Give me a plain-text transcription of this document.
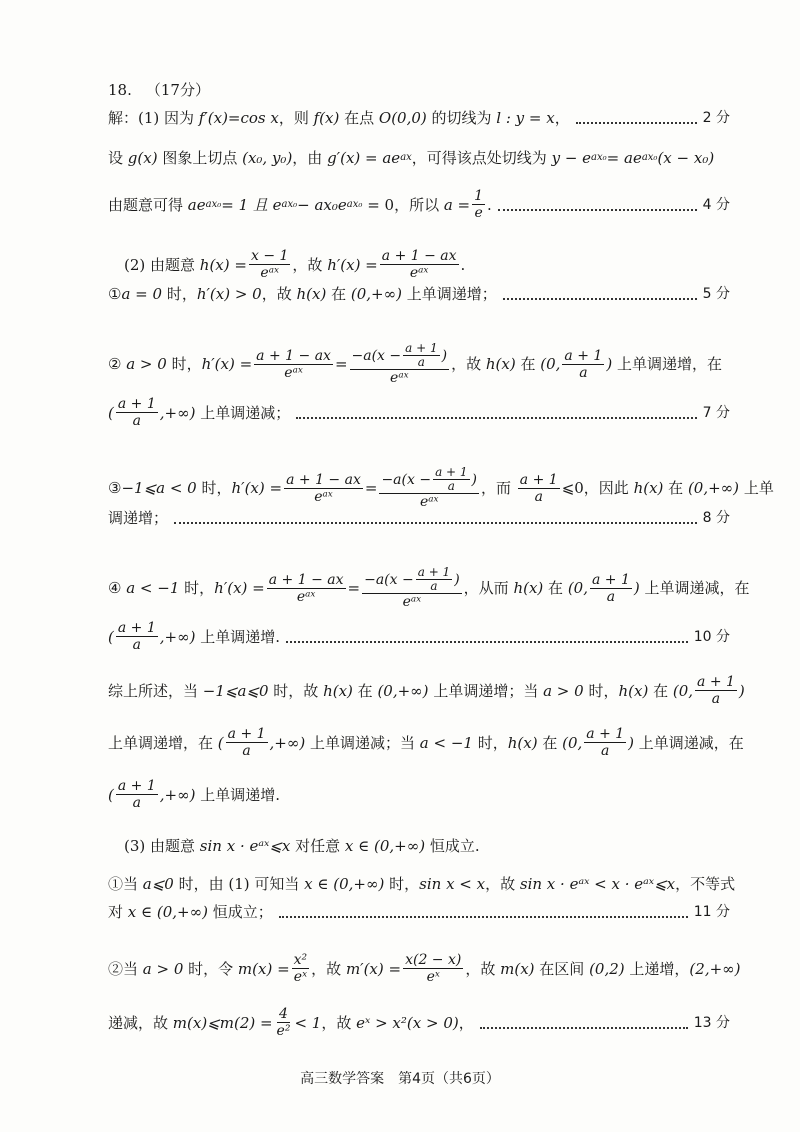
18. （17分）
解：(1) 因为 f′(x)=cos x ，则 f(x) 在点 O(0,0) 的切线为 l : y = x ，	2 分
设 g(x) 图象上切点 (x₀, y₀) ，由 g′(x) = ae ax ，可得该点处切线为 y − e ax₀ = ae ax₀ (x − x₀)
由题意可得 ae ax₀ = 1 且 e ax₀ − ax₀e ax₀ = 0，所以 $a = \frac{1}{e}$ .	4 分
(2) 由题意 $h(x) = \frac{x - 1}{\text{eᵃˣ}}$ ，故 $h'(x) = \frac{a + 1 - ax}{\text{eᵃˣ}}$ .
① a = 0 时， h′(x) > 0 ，故 h(x) 在 (0,+∞) 上单调递增；	5 分
② a > 0 时， $h'(x) = \frac{a + 1 - ax}{\text{eᵃˣ}} = \frac{-a(x - \frac{a + 1}{a} )}{\text{eᵃˣ}}$ ，故 h(x) 在 (0, $\frac{a + 1}{a}$ ) 上单调递增，在
( $\frac{a + 1}{a}$ ,+∞) 上单调递减；	7 分
③ −1⩽a < 0 时， $h'(x) = \frac{a + 1 - ax}{\text{eᵃˣ}} = \frac{-a(x - \frac{a + 1}{a} )}{\text{eᵃˣ}}$ ，而 $\frac{a + 1}{a}$ ⩽0，因此 h(x) 在 (0,+∞) 上单
调递增；	8 分
④ a < −1 时， $h'(x) = \frac{a + 1 - ax}{\text{eᵃˣ}} = \frac{-a(x - \frac{a + 1}{a} )}{\text{eᵃˣ}}$ ，从而 h(x) 在 (0, $\frac{a + 1}{a}$ ) 上单调递减，在
( $\frac{a + 1}{a}$ ,+∞) 上单调递增.	10 分
综上所述，当 −1⩽a⩽0 时，故 h(x) 在 (0,+∞) 上单调递增；当 a > 0 时， h(x) 在 (0, $\frac{a + 1}{a}$ )
上单调递增，在 ( $\frac{a + 1}{a}$ ,+∞) 上单调递减；当 a < −1 时， h(x) 在 (0, $\frac{a + 1}{a}$ ) 上单调递减，在
( $\frac{a + 1}{a}$ ,+∞) 上单调递增.
(3) 由题意 sin x · eᵃˣ⩽x 对任意 x ∈ (0,+∞) 恒成立.
①当 a⩽0 时，由 (1) 可知当 x ∈ (0,+∞) 时， sin x < x ，故 sin x · eᵃˣ < x · eᵃˣ⩽x ，不等式
对 x ∈ (0,+∞) 恒成立；	11 分
②当 a > 0 时，令 $m(x) = \frac{\text{x²}}{\text{eˣ}}$ ，故 $m'(x) = \frac{x(2 - x)}{\text{eˣ}}$ ，故 m(x) 在区间 (0,2) 上递增， (2,+∞)
递减，故 m(x)⩽m(2) = $\frac{4}{\text{e²}} < 1$ ，故 eˣ > x²(x > 0) ，	13 分
高三数学答案　第4页（共6页）
